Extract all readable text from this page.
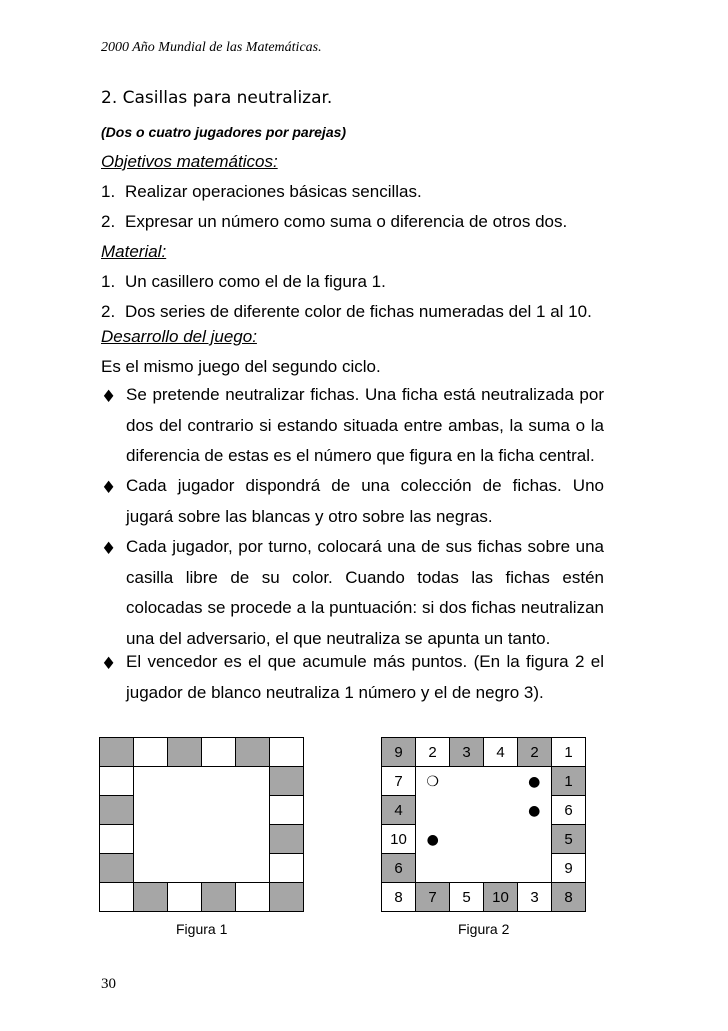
2000 Año Mundial de las Matemáticas.
2. Casillas para neutralizar.
(Dos o cuatro jugadores por parejas)
Objetivos matemáticos:
1. Realizar operaciones básicas sencillas.
2. Expresar un número como suma o diferencia de otros dos.
Material:
1. Un casillero como el de la figura 1.
2. Dos series de diferente color de fichas numeradas del 1 al 10.
Desarrollo del juego:
Es el mismo juego del segundo ciclo.
♦ Se pretende neutralizar fichas. Una ficha está neutralizada por dos del contrario si estando situada entre ambas, la suma o la diferencia de estas es el número que figura en la ficha central.
♦ Cada jugador dispondrá de una colección de fichas. Uno jugará sobre las blancas y otro sobre las negras.
♦ Cada jugador, por turno, colocará una de sus fichas sobre una casilla libre de su color. Cuando todas las fichas estén colocadas se procede a la puntuación: si dos fichas neutralizan una del adversario, el que neutraliza se apunta un tanto.
♦ El vencedor es el que acumule más puntos. (En la figura 2 el jugador de blanco neutraliza 1 número y el de negro 3).

Figura 1
9	2	3	4	2	1
7	❍			●	1
4				●	6
10	●				5
6					9
8	7	5	10	3	8
Figura 2
30
